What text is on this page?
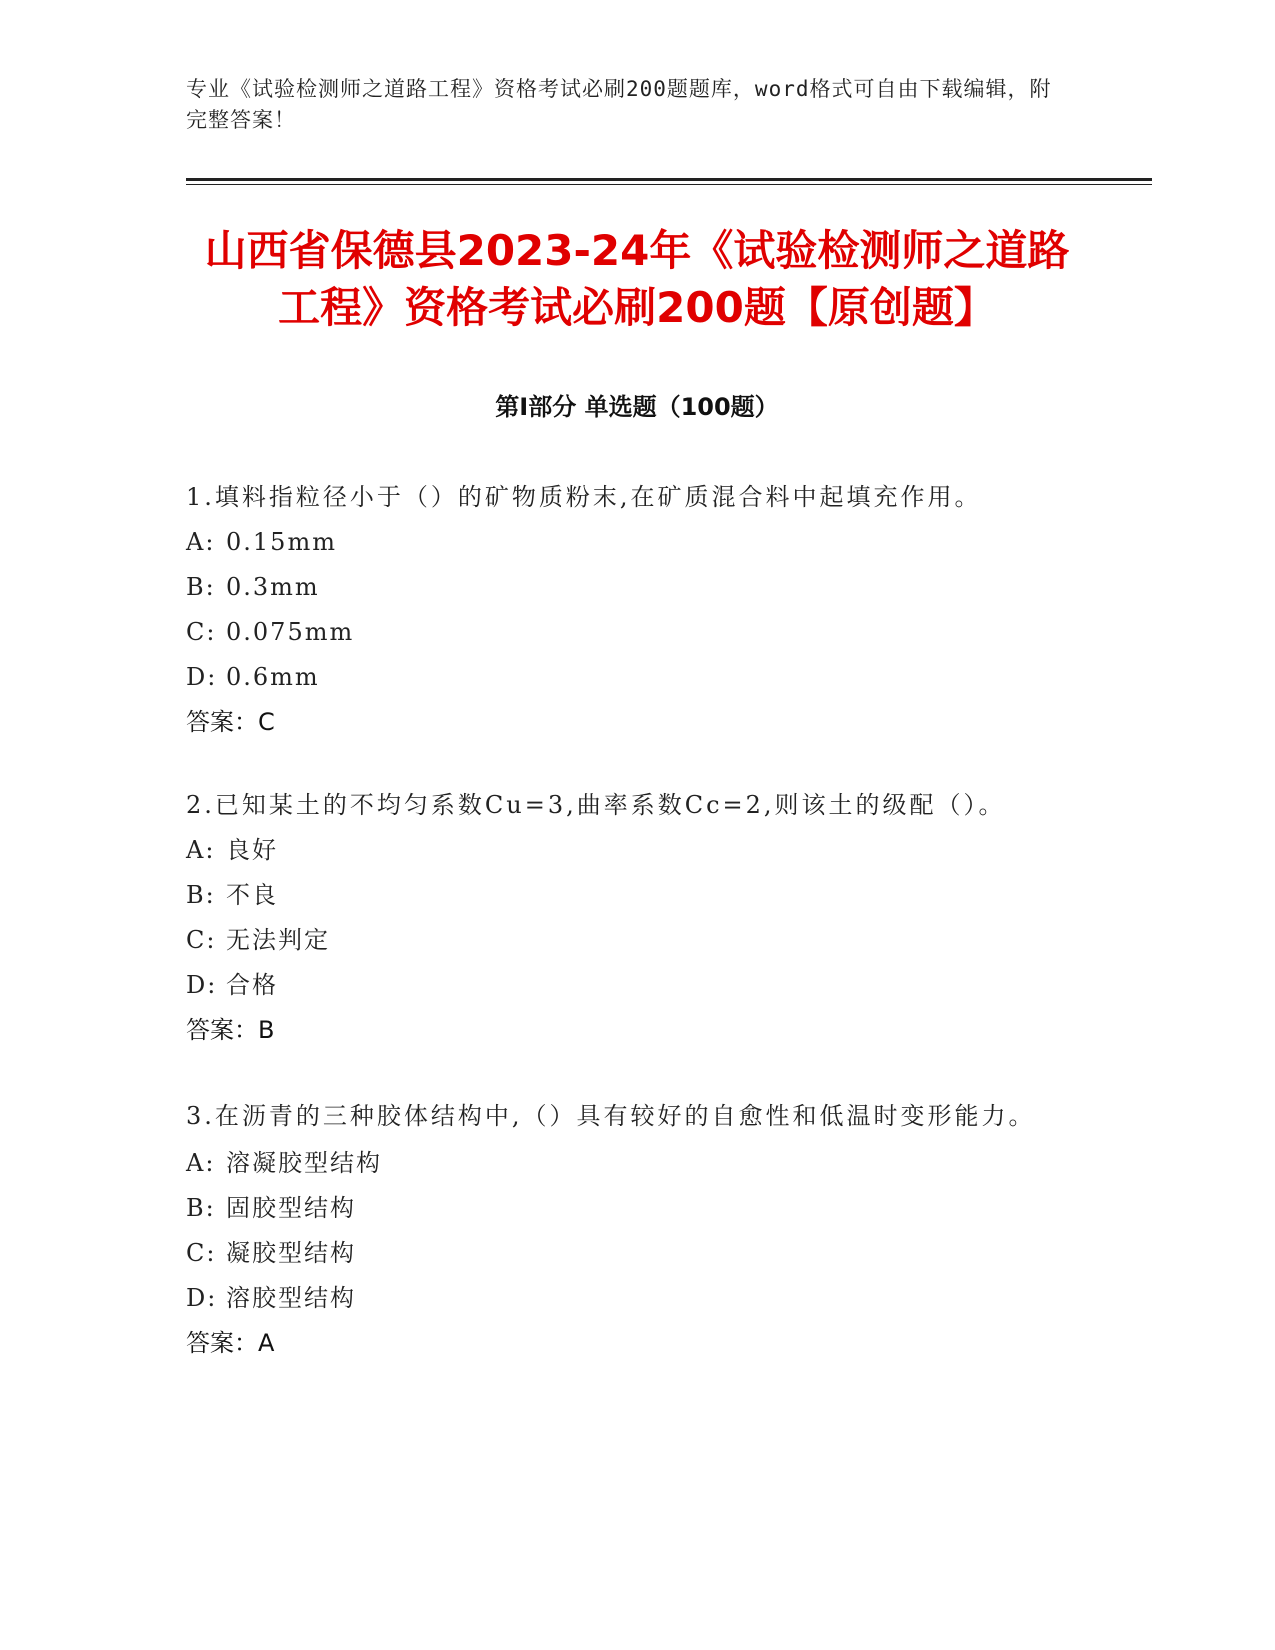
专业《试验检测师之道路工程》资格考试必刷200题题库，word格式可自由下载编辑，附完整答案！
山西省保德县2023-24年《试验检测师之道路工程》资格考试必刷200题【原创题】
第I部分 单选题（100题）
1.填料指粒径小于（）的矿物质粉末,在矿质混合料中起填充作用。
A: 0.15mm
B: 0.3mm
C: 0.075mm
D: 0.6mm
答案：C
2.已知某土的不均匀系数Cu=3,曲率系数Cc=2,则该土的级配（）。
A: 良好
B: 不良
C: 无法判定
D: 合格
答案：B
3.在沥青的三种胶体结构中,（）具有较好的自愈性和低温时变形能力。
A: 溶凝胶型结构
B: 固胶型结构
C: 凝胶型结构
D: 溶胶型结构
答案：A
